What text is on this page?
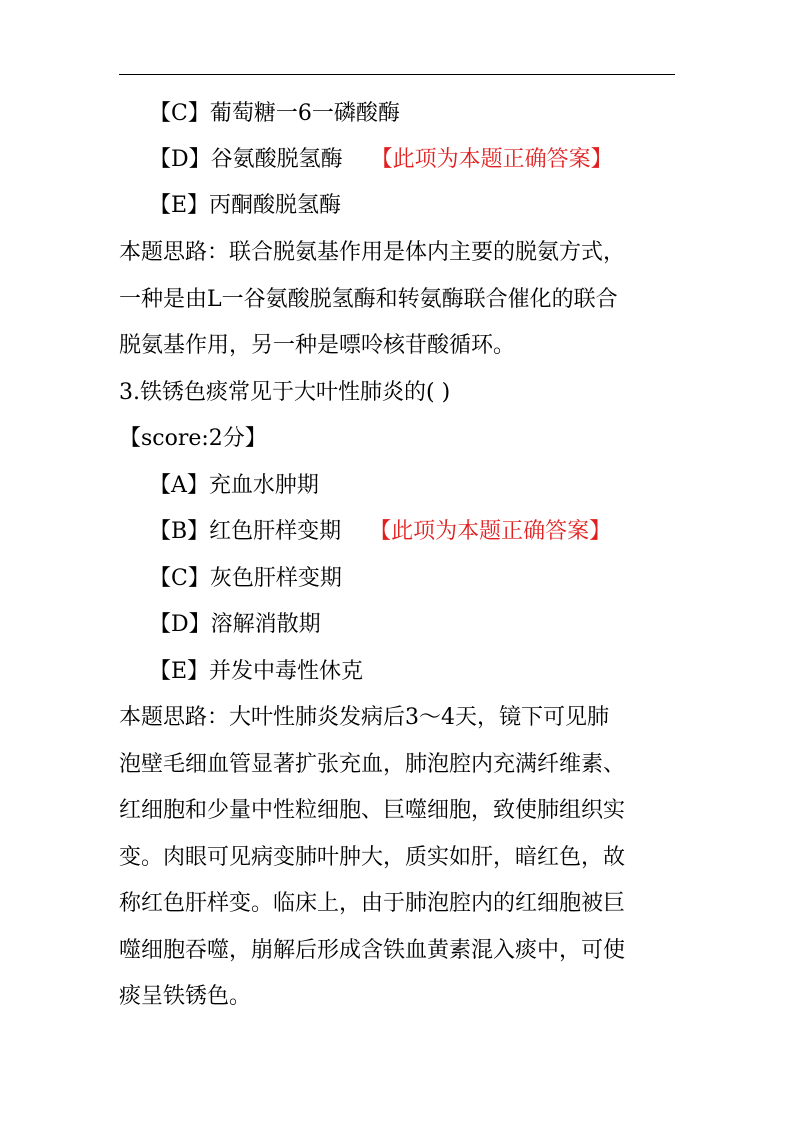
【C】葡萄糖一6一磷酸酶
【D】谷氨酸脱氢酶 【此项为本题正确答案】
【E】丙酮酸脱氢酶
本题思路：联合脱氨基作用是体内主要的脱氨方式，
一种是由L一谷氨酸脱氢酶和转氨酶联合催化的联合
脱氨基作用，另一种是嘌呤核苷酸循环。
3.铁锈色痰常见于大叶性肺炎的( )
【score:2分】
【A】充血水肿期
【B】红色肝样变期 【此项为本题正确答案】
【C】灰色肝样变期
【D】溶解消散期
【E】并发中毒性休克
本题思路：大叶性肺炎发病后3～4天，镜下可见肺
泡壁毛细血管显著扩张充血，肺泡腔内充满纤维素、
红细胞和少量中性粒细胞、巨噬细胞，致使肺组织实
变。肉眼可见病变肺叶肿大，质实如肝，暗红色，故
称红色肝样变。临床上，由于肺泡腔内的红细胞被巨
噬细胞吞噬，崩解后形成含铁血黄素混入痰中，可使
痰呈铁锈色。
